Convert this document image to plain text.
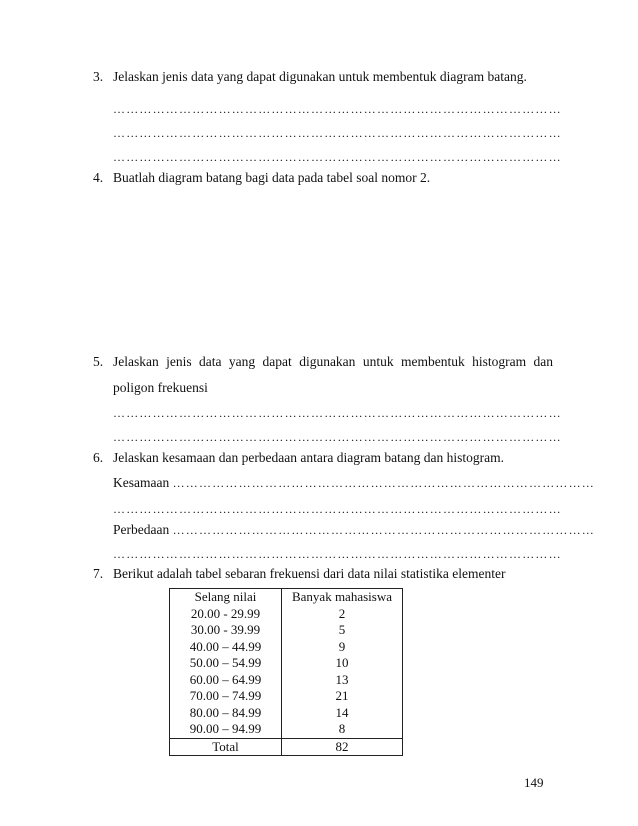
3. Jelaskan jenis data yang dapat digunakan untuk membentuk diagram batang.
…………………………………………………………………………………………
…………………………………………………………………………………………
…………………………………………………………………………………………
4. Buatlah diagram batang bagi data pada tabel soal nomor 2.
5. Jelaskan jenis data yang dapat digunakan untuk membentuk histogram dan
poligon frekuensi
…………………………………………………………………………………………
…………………………………………………………………………………………
6. Jelaskan kesamaan dan perbedaan antara diagram batang dan histogram.
Kesamaan ……………………………………………………………………………………
…………………………………………………………………………………………
Perbedaan ……………………………………………………………………………………
…………………………………………………………………………………………
7. Berikut adalah tabel sebaran frekuensi dari data nilai statistika elementer
Selang nilai	Banyak mahasiswa
20.00 - 29.99	2
30.00 - 39.99	5
40.00 – 44.99	9
50.00 – 54.99	10
60.00 – 64.99	13
70.00 – 74.99	21
80.00 – 84.99	14
90.00 – 94.99	8
Total	82
149
